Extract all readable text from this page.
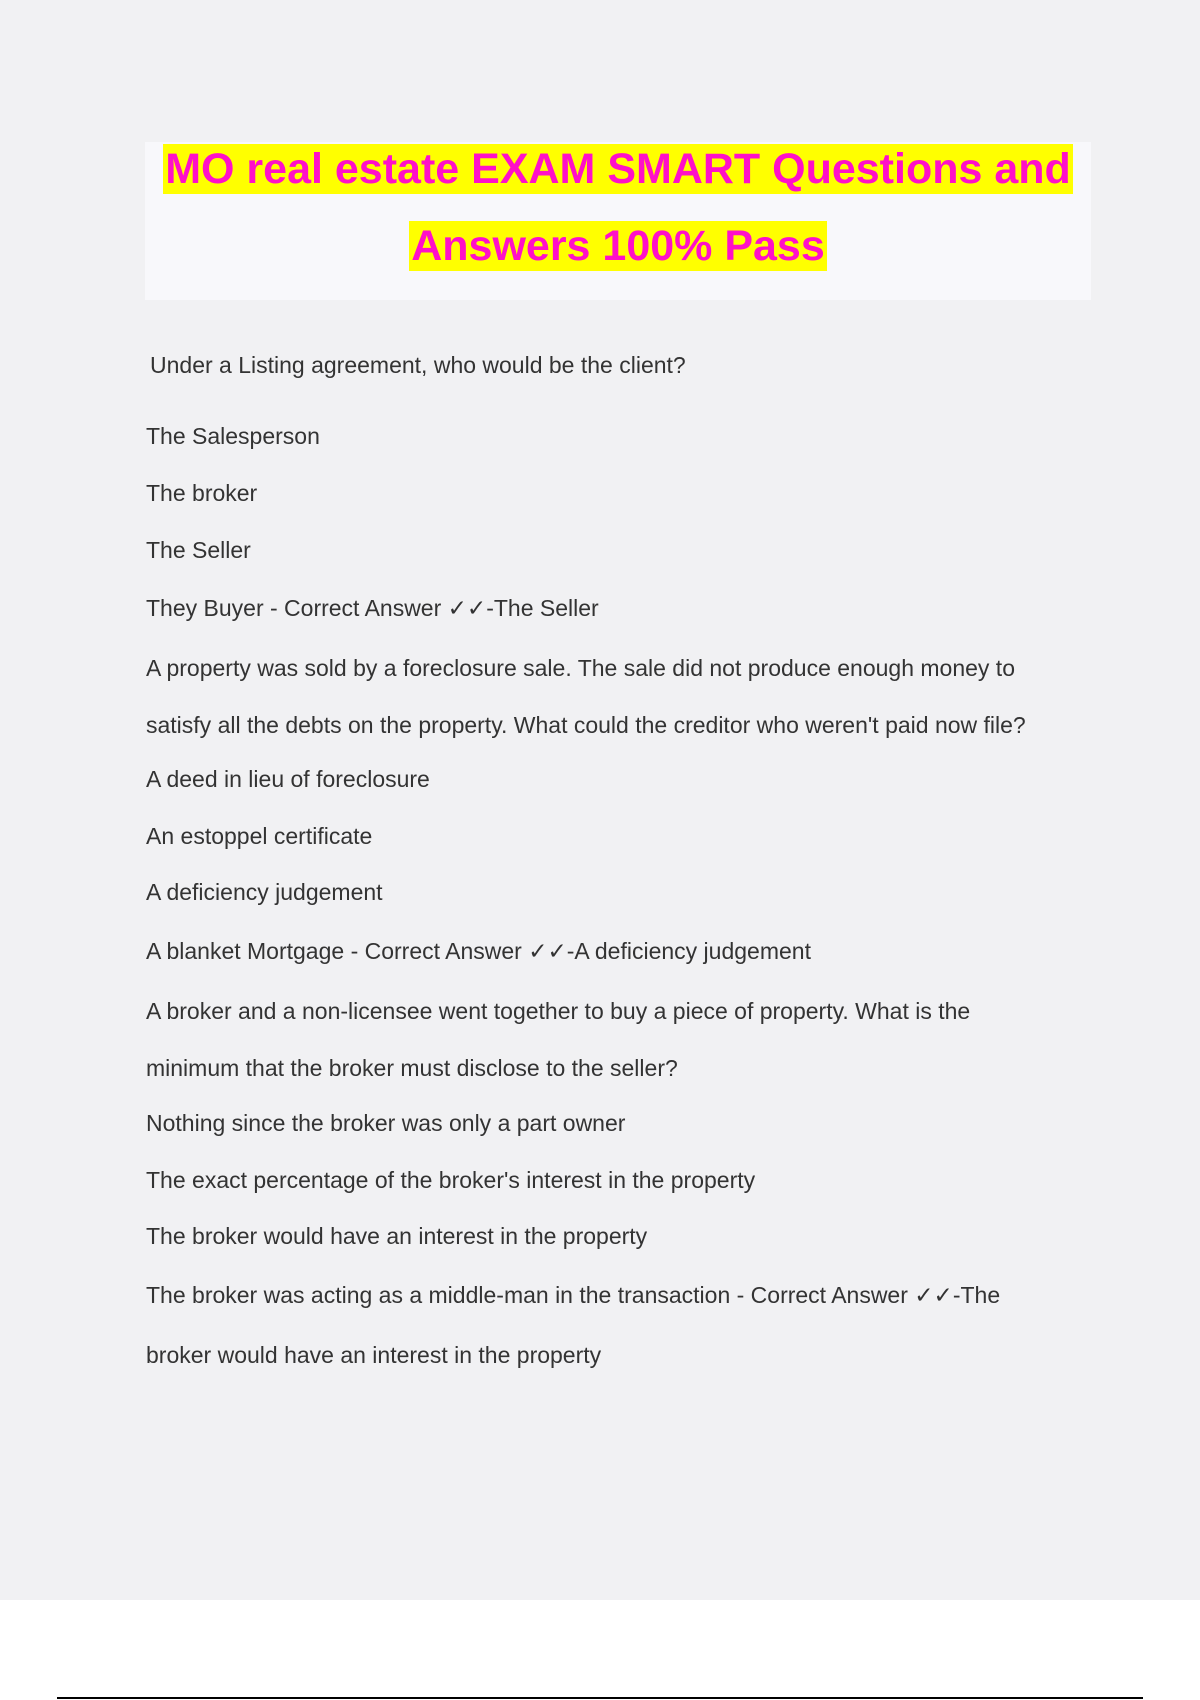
MO real estate EXAM SMART Questions and
Answers 100% Pass
Under a Listing agreement, who would be the client?
The Salesperson
The broker
The Seller
They Buyer - Correct Answer ✓✓-The Seller
A property was sold by a foreclosure sale. The sale did not produce enough money to
satisfy all the debts on the property. What could the creditor who weren't paid now file?
A deed in lieu of foreclosure
An estoppel certificate
A deficiency judgement
A blanket Mortgage - Correct Answer ✓✓-A deficiency judgement
A broker and a non-licensee went together to buy a piece of property. What is the
minimum that the broker must disclose to the seller?
Nothing since the broker was only a part owner
The exact percentage of the broker's interest in the property
The broker would have an interest in the property
The broker was acting as a middle-man in the transaction - Correct Answer ✓✓-The
broker would have an interest in the property
